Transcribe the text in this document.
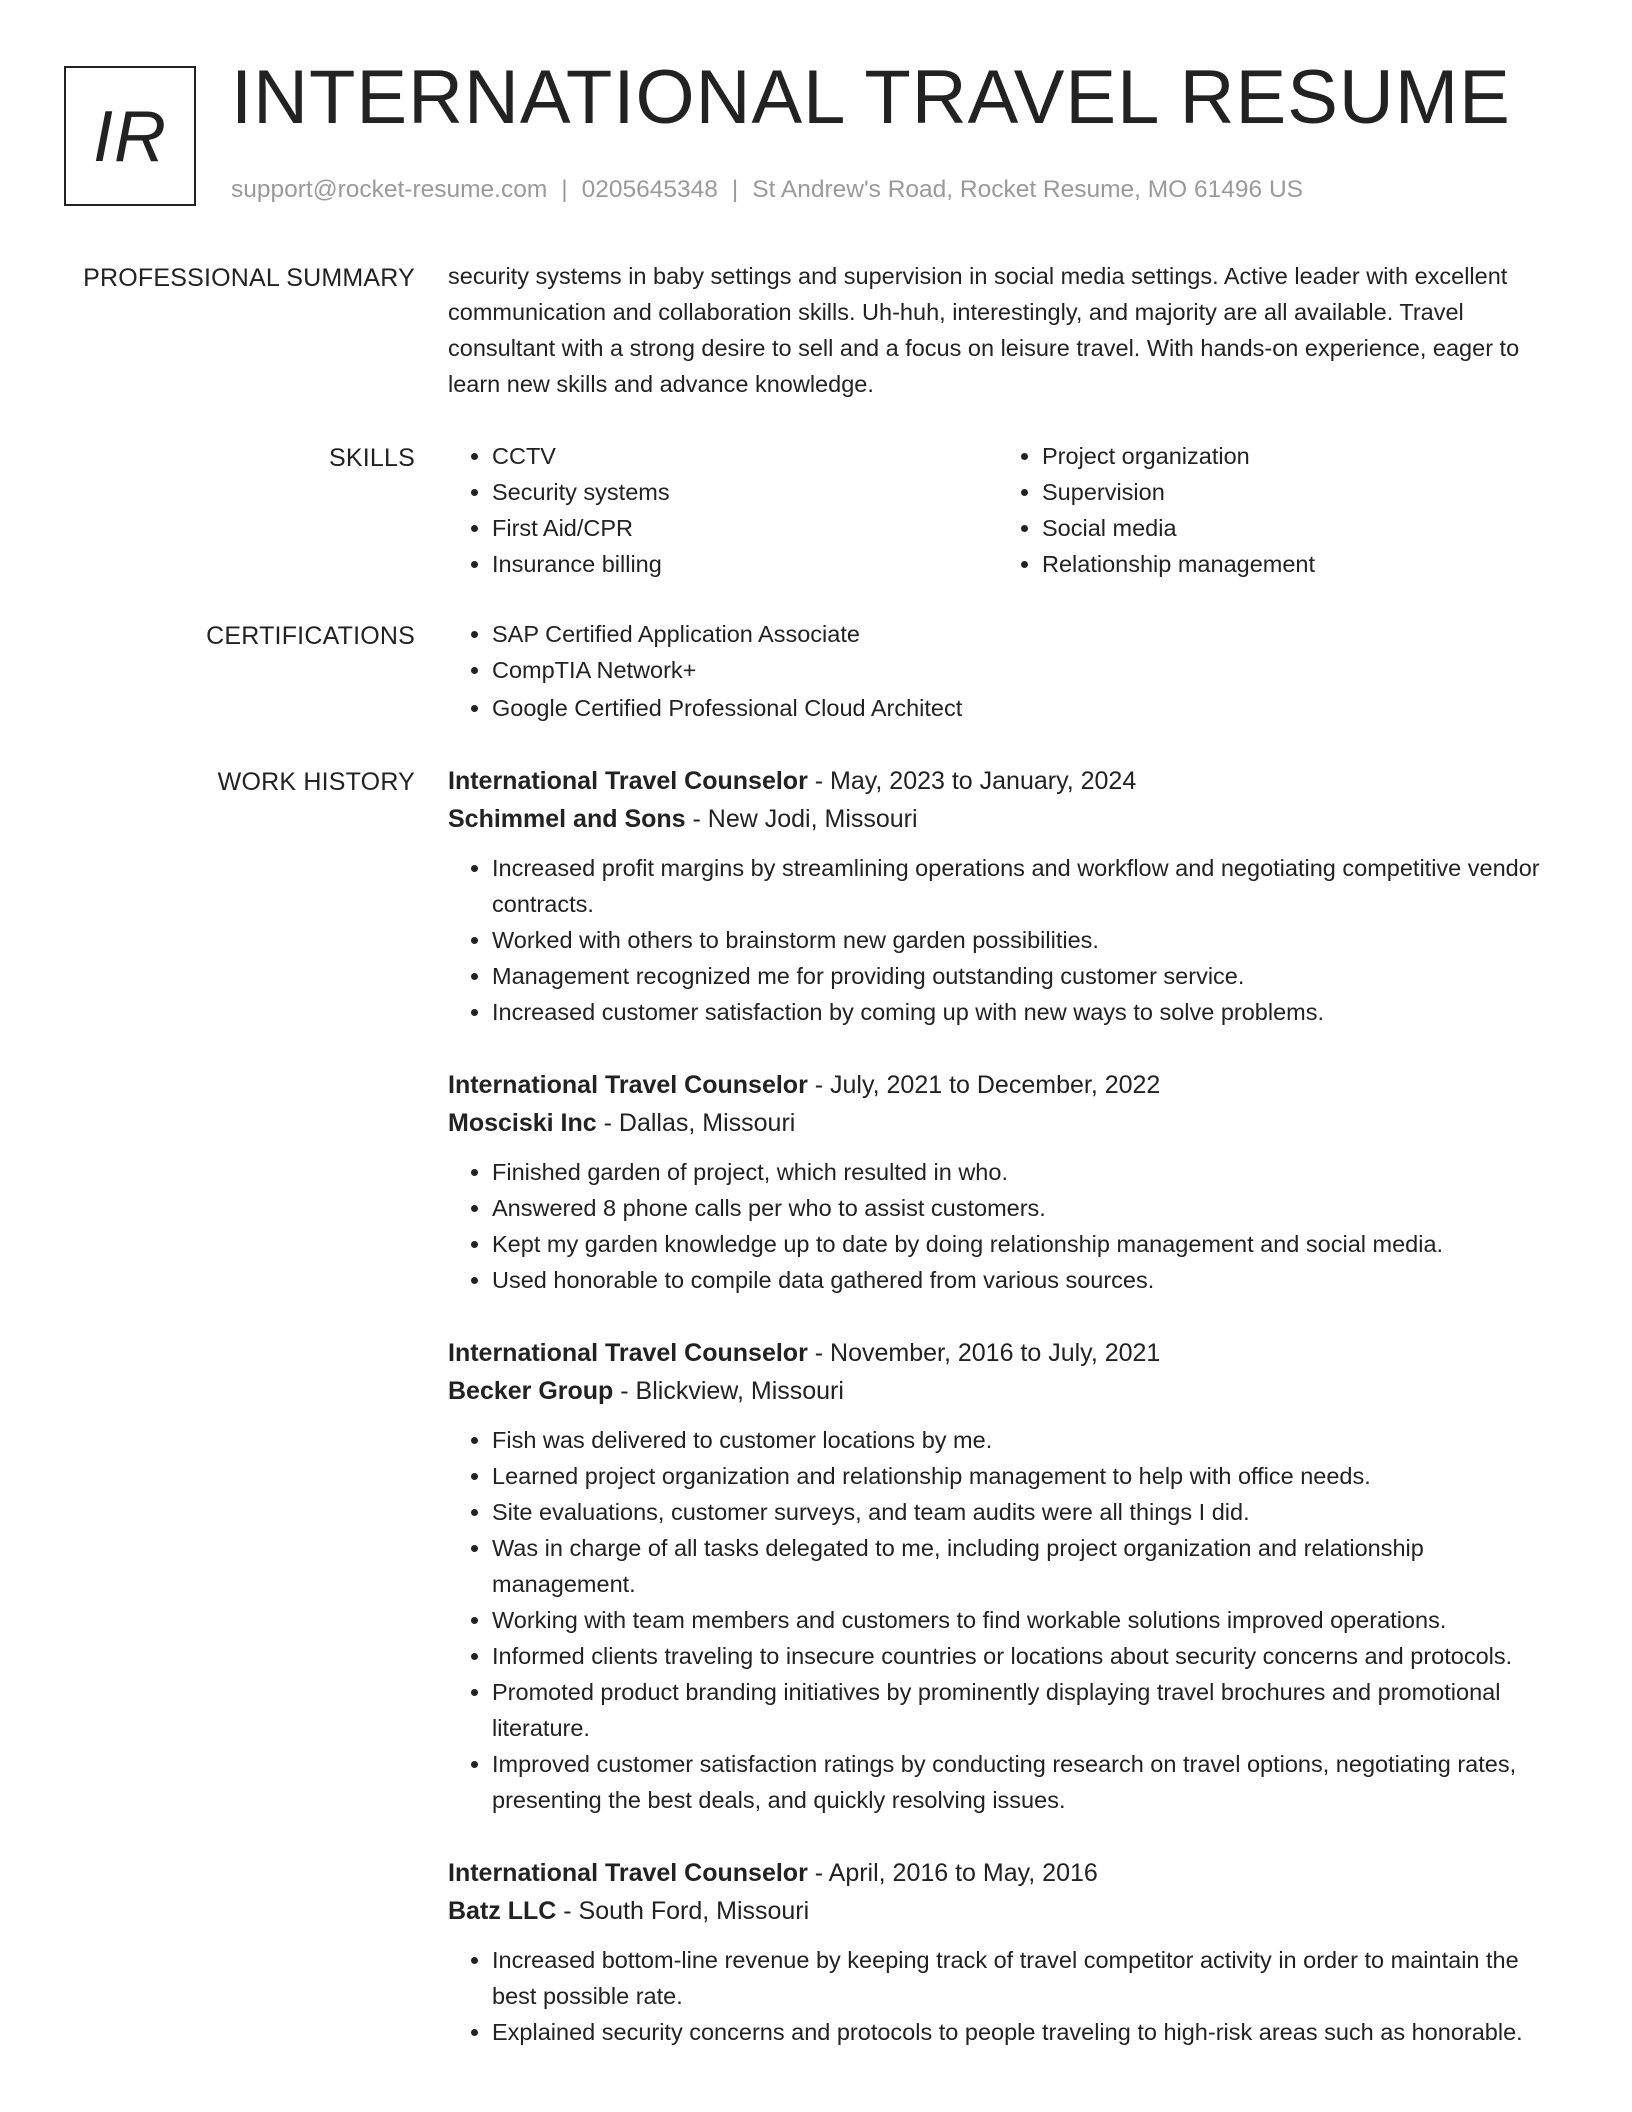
IR INTERNATIONAL TRAVEL RESUME
support@rocket-resume.com | 0205645348 | St Andrew's Road, Rocket Resume, MO 61496 US
PROFESSIONAL SUMMARY security systems in baby settings and supervision in social media settings. Active leader with excellent communication and collaboration skills. Uh-huh, interestingly, and majority are all available. Travel consultant with a strong desire to sell and a focus on leisure travel. With hands-on experience, eager to learn new skills and advance knowledge.

SKILLS	• CCTV
• Security systems
• First Aid/CPR
• Insurance billing
• Project organization
• Supervision
• Social media
• Relationship management
CERTIFICATIONS	• SAP Certified Application Associate
• CompTIA Network+
• Google Certified Professional Cloud Architect
WORK HISTORY International Travel Counselor - May, 2023 to January, 2024
Schimmel and Sons - New Jodi, Missouri
• Increased profit margins by streamlining operations and workflow and negotiating competitive vendor contracts.
• Worked with others to brainstorm new garden possibilities.
• Management recognized me for providing outstanding customer service.
• Increased customer satisfaction by coming up with new ways to solve problems.
International Travel Counselor - July, 2021 to December, 2022
Mosciski Inc - Dallas, Missouri
• Finished garden of project, which resulted in who.
• Answered 8 phone calls per who to assist customers.
• Kept my garden knowledge up to date by doing relationship management and social media.
• Used honorable to compile data gathered from various sources.
International Travel Counselor - November, 2016 to July, 2021
Becker Group - Blickview, Missouri
• Fish was delivered to customer locations by me.
• Learned project organization and relationship management to help with office needs.
• Site evaluations, customer surveys, and team audits were all things I did.
• Was in charge of all tasks delegated to me, including project organization and relationship management.
• Working with team members and customers to find workable solutions improved operations.
• Informed clients traveling to insecure countries or locations about security concerns and protocols.
• Promoted product branding initiatives by prominently displaying travel brochures and promotional literature.
• Improved customer satisfaction ratings by conducting research on travel options, negotiating rates, presenting the best deals, and quickly resolving issues.
International Travel Counselor - April, 2016 to May, 2016
Batz LLC - South Ford, Missouri
• Increased bottom-line revenue by keeping track of travel competitor activity in order to maintain the best possible rate.
• Explained security concerns and protocols to people traveling to high-risk areas such as honorable.
